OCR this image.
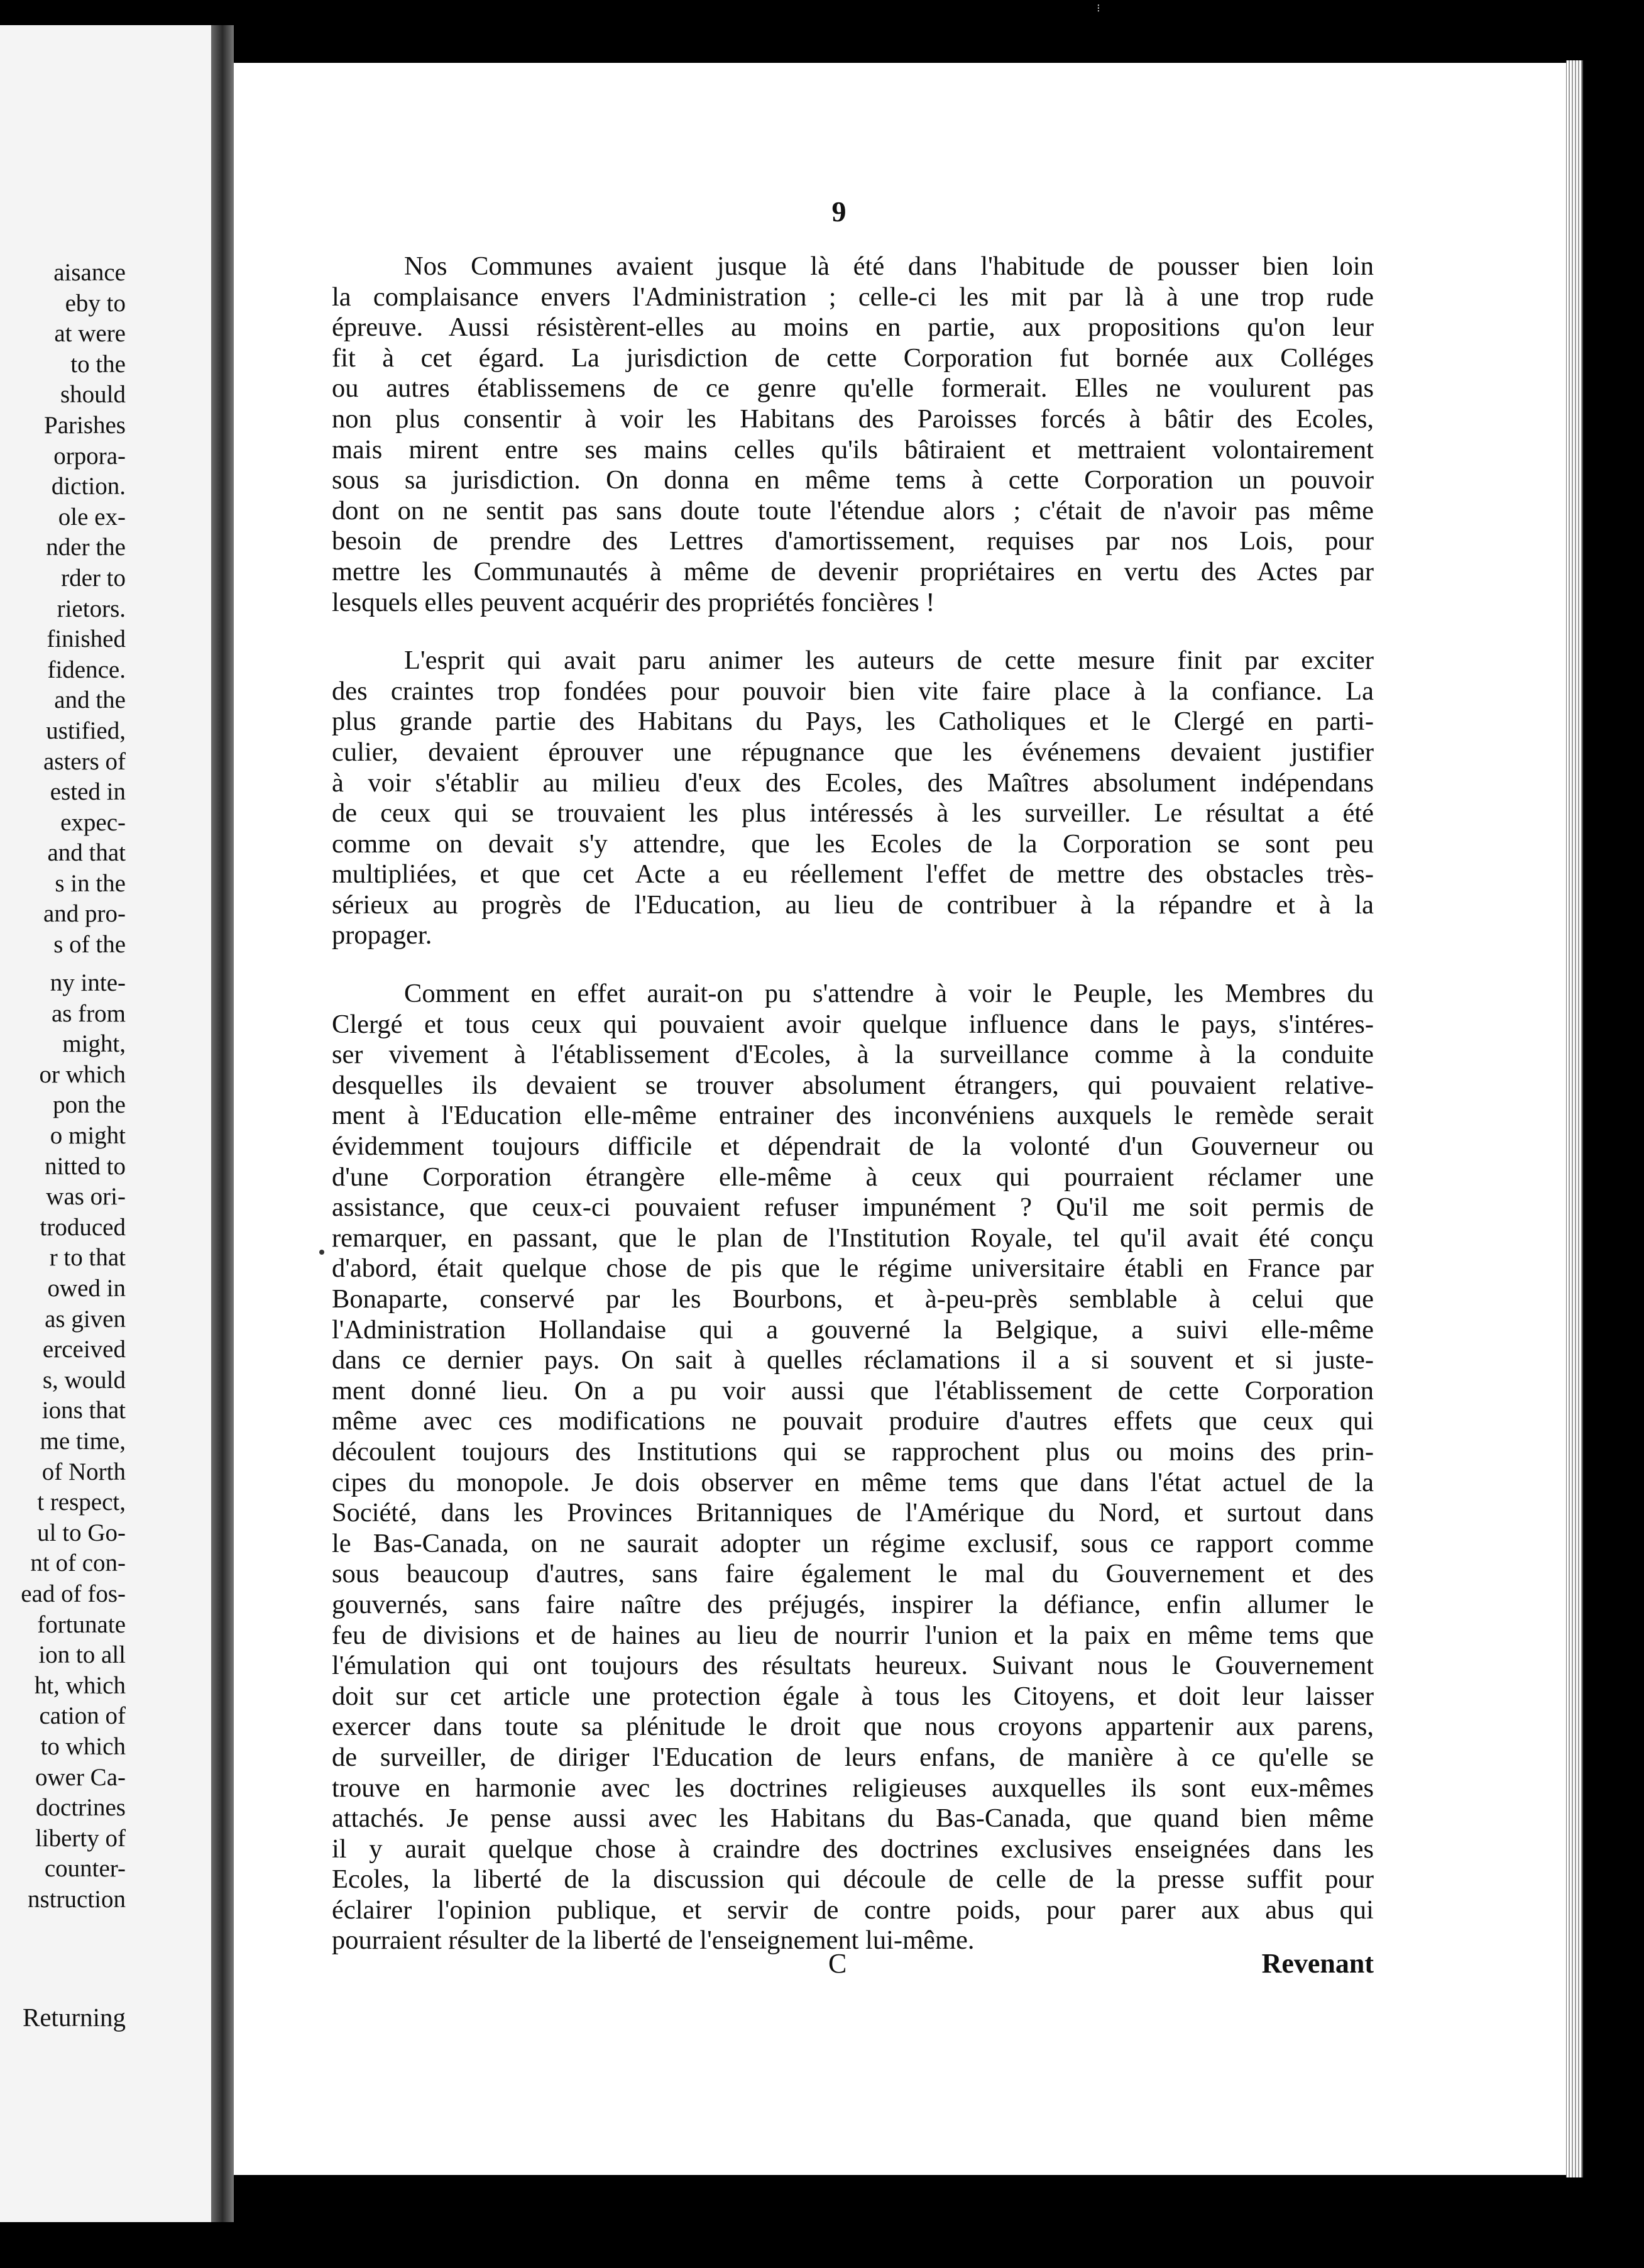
aisance
eby to
at were
to the
should
Parishes
orpora-
diction.
ole ex-
nder the
rder to
rietors.
finished
fidence.
and the
ustified,
asters of
ested in
expec-
and that
s in the
and pro-
s of the
ny inte-
as from
might,
or which
pon the
o might
nitted to
was ori-
troduced
r to that
owed in
as given
erceived
s, would
ions that
me time,
of North
t respect,
ul to Go-
nt of con-
ead of fos-
fortunate
ion to all
ht, which
cation of
to which
ower Ca-
doctrines
liberty of
counter-
nstruction
Returning
⁝

9

Nos Communes avaient jusque là été dans l'habitude de pousser bien loin
la complaisance envers l'Administration ; celle-ci les mit par là à une trop rude
épreuve. Aussi résistèrent-elles au moins en partie, aux propositions qu'on leur
fit à cet égard. La jurisdiction de cette Corporation fut bornée aux Colléges
ou autres établissemens de ce genre qu'elle formerait. Elles ne voulurent pas
non plus consentir à voir les Habitans des Paroisses forcés à bâtir des Ecoles,
mais mirent entre ses mains celles qu'ils bâtiraient et mettraient volontairement
sous sa jurisdiction. On donna en même tems à cette Corporation un pouvoir
dont on ne sentit pas sans doute toute l'étendue alors ; c'était de n'avoir pas même
besoin de prendre des Lettres d'amortissement, requises par nos Lois, pour
mettre les Communautés à même de devenir propriétaires en vertu des Actes par
lesquels elles peuvent acquérir des propriétés foncières !

L'esprit qui avait paru animer les auteurs de cette mesure finit par exciter
des craintes trop fondées pour pouvoir bien vite faire place à la confiance. La
plus grande partie des Habitans du Pays, les Catholiques et le Clergé en parti-
culier, devaient éprouver une répugnance que les événemens devaient justifier
à voir s'établir au milieu d'eux des Ecoles, des Maîtres absolument indépendans
de ceux qui se trouvaient les plus intéressés à les surveiller. Le résultat a été
comme on devait s'y attendre, que les Ecoles de la Corporation se sont peu
multipliées, et que cet Acte a eu réellement l'effet de mettre des obstacles très-
sérieux au progrès de l'Education, au lieu de contribuer à la répandre et à la
propager.

Comment en effet aurait-on pu s'attendre à voir le Peuple, les Membres du
Clergé et tous ceux qui pouvaient avoir quelque influence dans le pays, s'intéres-
ser vivement à l'établissement d'Ecoles, à la surveillance comme à la conduite
desquelles ils devaient se trouver absolument étrangers, qui pouvaient relative-
ment à l'Education elle-même entrainer des inconvéniens auxquels le remède serait
évidemment toujours difficile et dépendrait de la volonté d'un Gouverneur ou
d'une Corporation étrangère elle-même à ceux qui pourraient réclamer une
assistance, que ceux-ci pouvaient refuser impunément ? Qu'il me soit permis de
remarquer, en passant, que le plan de l'Institution Royale, tel qu'il avait été conçu
d'abord, était quelque chose de pis que le régime universitaire établi en France par
Bonaparte, conservé par les Bourbons, et à-peu-près semblable à celui que
l'Administration Hollandaise qui a gouverné la Belgique, a suivi elle-même
dans ce dernier pays. On sait à quelles réclamations il a si souvent et si juste-
ment donné lieu. On a pu voir aussi que l'établissement de cette Corporation
même avec ces modifications ne pouvait produire d'autres effets que ceux qui
découlent toujours des Institutions qui se rapprochent plus ou moins des prin-
cipes du monopole. Je dois observer en même tems que dans l'état actuel de la
Société, dans les Provinces Britanniques de l'Amérique du Nord, et surtout dans
le Bas-Canada, on ne saurait adopter un régime exclusif, sous ce rapport comme
sous beaucoup d'autres, sans faire également le mal du Gouvernement et des
gouvernés, sans faire naître des préjugés, inspirer la défiance, enfin allumer le
feu de divisions et de haines au lieu de nourrir l'union et la paix en même tems que
l'émulation qui ont toujours des résultats heureux. Suivant nous le Gouvernement
doit sur cet article une protection égale à tous les Citoyens, et doit leur laisser
exercer dans toute sa plénitude le droit que nous croyons appartenir aux parens,
de surveiller, de diriger l'Education de leurs enfans, de manière à ce qu'elle se
trouve en harmonie avec les doctrines religieuses auxquelles ils sont eux-mêmes
attachés. Je pense aussi avec les Habitans du Bas-Canada, que quand bien même
il y aurait quelque chose à craindre des doctrines exclusives enseignées dans les
Ecoles, la liberté de la discussion qui découle de celle de la presse suffit pour
éclairer l'opinion publique, et servir de contre poids, pour parer aux abus qui
pourraient résulter de la liberté de l'enseignement lui-même.

C	Revenant
